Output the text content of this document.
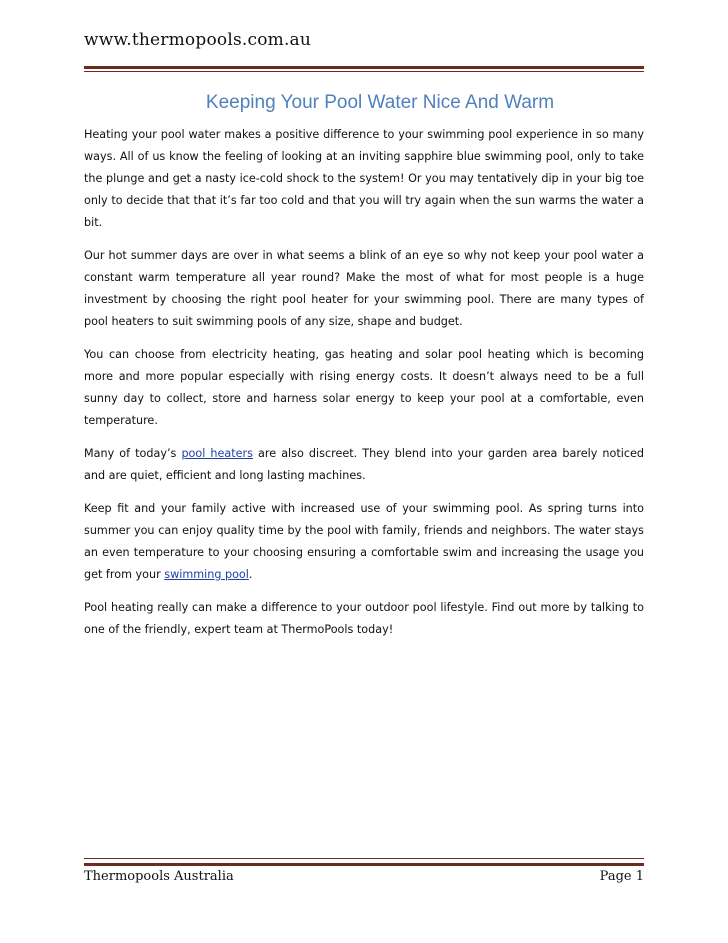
www.thermopools.com.au
Keeping Your Pool Water Nice And Warm

Heating your pool water makes a positive difference to your swimming pool experience in so many ways. All of us know the feeling of looking at an inviting sapphire blue swimming pool, only to take the plunge and get a nasty ice-cold shock to the system! Or you may tentatively dip in your big toe only to decide that that it’s far too cold and that you will try again when the sun warms the water a bit.

Our hot summer days are over in what seems a blink of an eye so why not keep your pool water a constant warm temperature all year round? Make the most of what for most people is a huge investment by choosing the right pool heater for your swimming pool. There are many types of pool heaters to suit swimming pools of any size, shape and budget.

You can choose from electricity heating, gas heating and solar pool heating which is becoming more and more popular especially with rising energy costs. It doesn’t always need to be a full sunny day to collect, store and harness solar energy to keep your pool at a comfortable, even temperature.

Many of today’s pool heaters are also discreet. They blend into your garden area barely noticed and are quiet, efficient and long lasting machines.

Keep fit and your family active with increased use of your swimming pool. As spring turns into summer you can enjoy quality time by the pool with family, friends and neighbors. The water stays an even temperature to your choosing ensuring a comfortable swim and increasing the usage you get from your swimming pool.

Pool heating really can make a difference to your outdoor pool lifestyle. Find out more by talking to one of the friendly, expert team at ThermoPools today!

Thermopools Australia	Page 1
